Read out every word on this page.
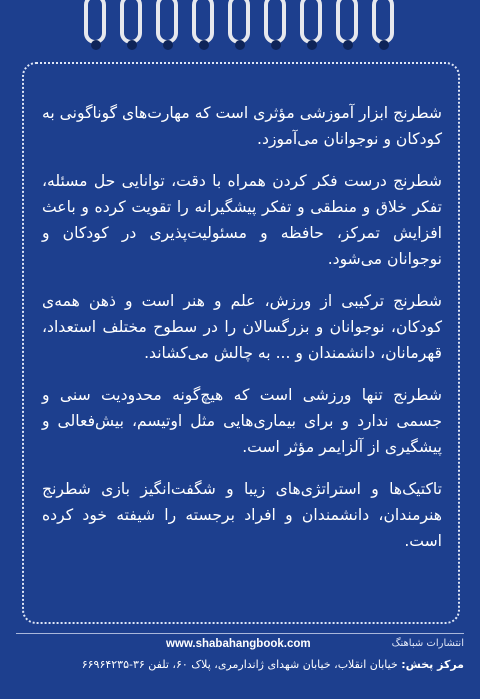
شطرنج ابزار آموزشی مؤثری است که مهارت‌های گوناگونی به کودکان و نوجوانان می‌آموزد.

شطرنج درست فکر کردن همراه با دقت، توانایی حل مسئله، تفکر خلاق و منطقی و تفکر پیشگیرانه را تقویت کرده و باعث افزایش تمرکز، حافظه و مسئولیت‌پذیری در کودکان و نوجوانان می‌شود.

شطرنج ترکیبی از ورزش، علم و هنر است و ذهن همه‌ی کودکان، نوجوانان و بزرگسالان را در سطوح مختلف استعداد، قهرمانان، دانشمندان و ... به چالش می‌کشاند.

شطرنج تنها ورزشی است که هیچ‌گونه محدودیت سنی و جسمی ندارد و برای بیماری‌هایی مثل اوتیسم، بیش‌فعالی و پیشگیری از آلزایمر مؤثر است.

تاکتیک‌ها و استراتژی‌های زیبا و شگفت‌انگیز بازی شطرنج هنرمندان، دانشمندان و افراد برجسته را شیفته خود کرده است.

انتشارات شباهنگ
www.shabahangbook.com
مرکز پخش: خیابان انقلاب، خیابان شهدای ژاندارمری، پلاک ۶۰، تلفن ۳۶-۶۶۹۶۴۲۳۵
